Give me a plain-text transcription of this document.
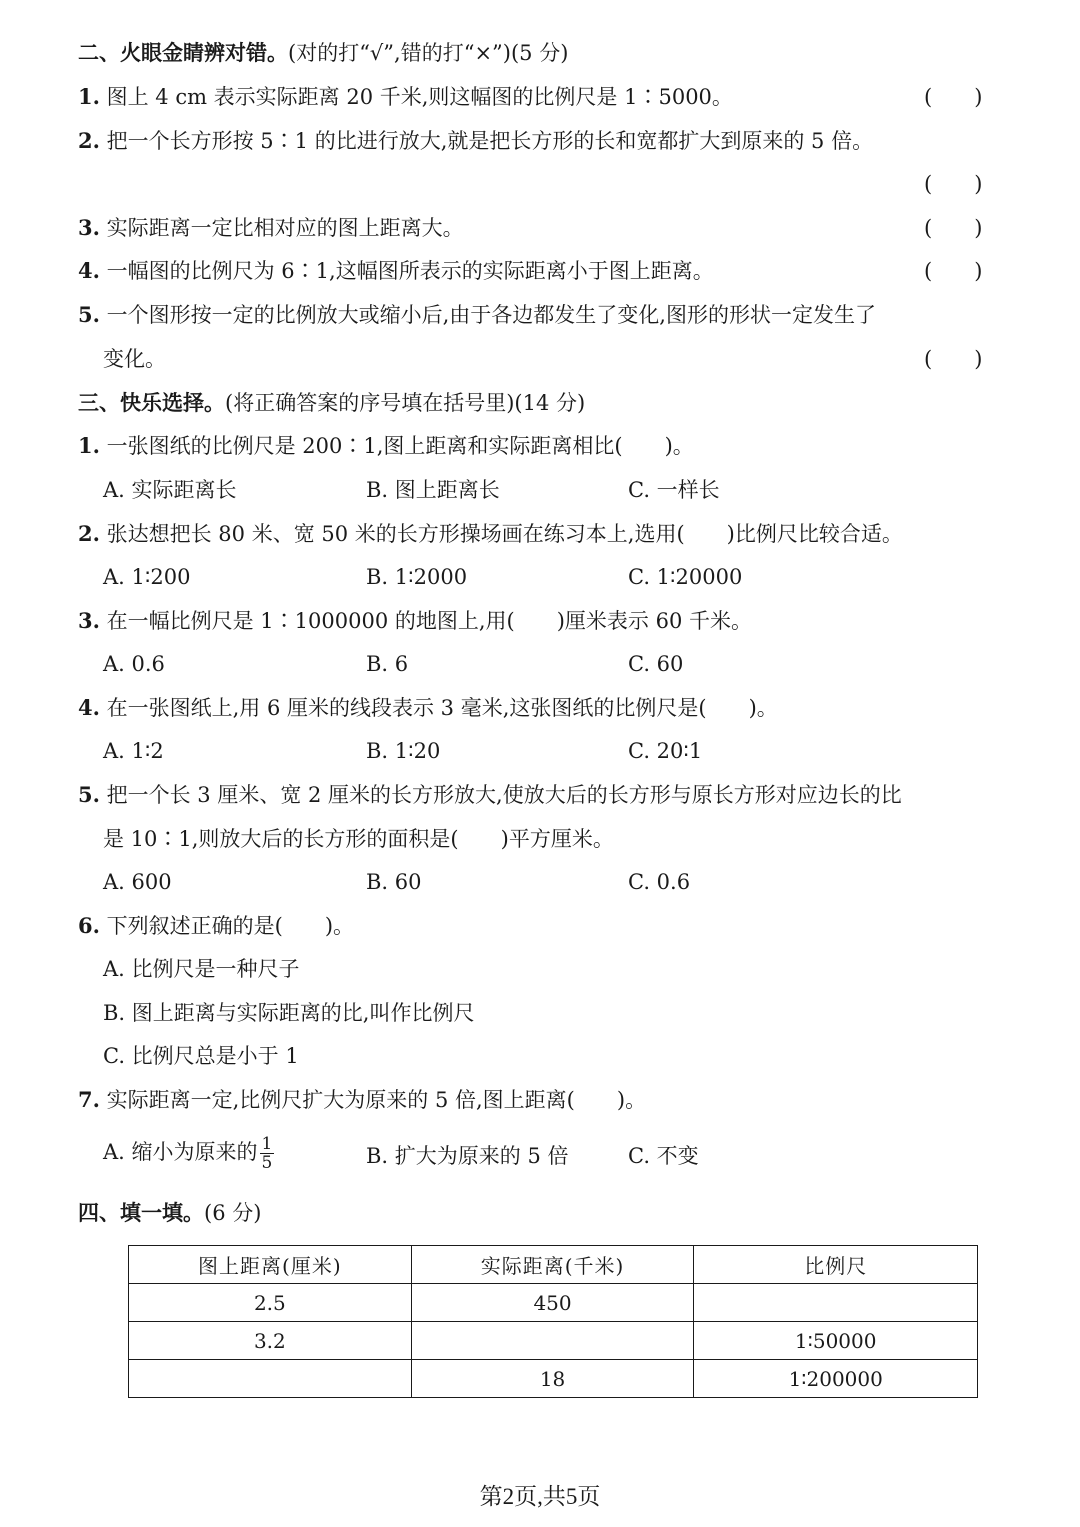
二、火眼金睛辨对错。(对的打“√”,错的打“×”)(5 分)
1. 图上 4 cm 表示实际距离 20 千米,则这幅图的比例尺是 1∶5000。	(　　)
2. 把一个长方形按 5∶1 的比进行放大,就是把长方形的长和宽都扩大到原来的 5 倍。
(　　)
3. 实际距离一定比相对应的图上距离大。	(　　)
4. 一幅图的比例尺为 6∶1,这幅图所表示的实际距离小于图上距离。	(　　)
5. 一个图形按一定的比例放大或缩小后,由于各边都发生了变化,图形的形状一定发生了
变化。	(　　)
三、快乐选择。(将正确答案的序号填在括号里)(14 分)
1. 一张图纸的比例尺是 200∶1,图上距离和实际距离相比(　　)。
A. 实际距离长	B. 图上距离长	C. 一样长
2. 张达想把长 80 米、宽 50 米的长方形操场画在练习本上,选用(　　)比例尺比较合适。
A. 1∶200	B. 1∶2000	C. 1∶20000
3. 在一幅比例尺是 1∶1000000 的地图上,用(　　)厘米表示 60 千米。
A. 0.6	B. 6	C. 60
4. 在一张图纸上,用 6 厘米的线段表示 3 毫米,这张图纸的比例尺是(　　)。
A. 1∶2	B. 1∶20	C. 20∶1
5. 把一个长 3 厘米、宽 2 厘米的长方形放大,使放大后的长方形与原长方形对应边长的比
是 10∶1,则放大后的长方形的面积是(　　)平方厘米。
A. 600	B. 60	C. 0.6
6. 下列叙述正确的是(　　)。
A. 比例尺是一种尺子
B. 图上距离与实际距离的比,叫作比例尺
C. 比例尺总是小于 1
7. 实际距离一定,比例尺扩大为原来的 5 倍,图上距离(　　)。
A. 缩小为原来的 $\frac{1}{5}$	B. 扩大为原来的 5 倍	C. 不变
四、填一填。(6 分)
图上距离(厘米)	实际距离(千米)	比例尺
2.5	450	
3.2		1∶50000
	18	1∶200000
第2页,共5页
